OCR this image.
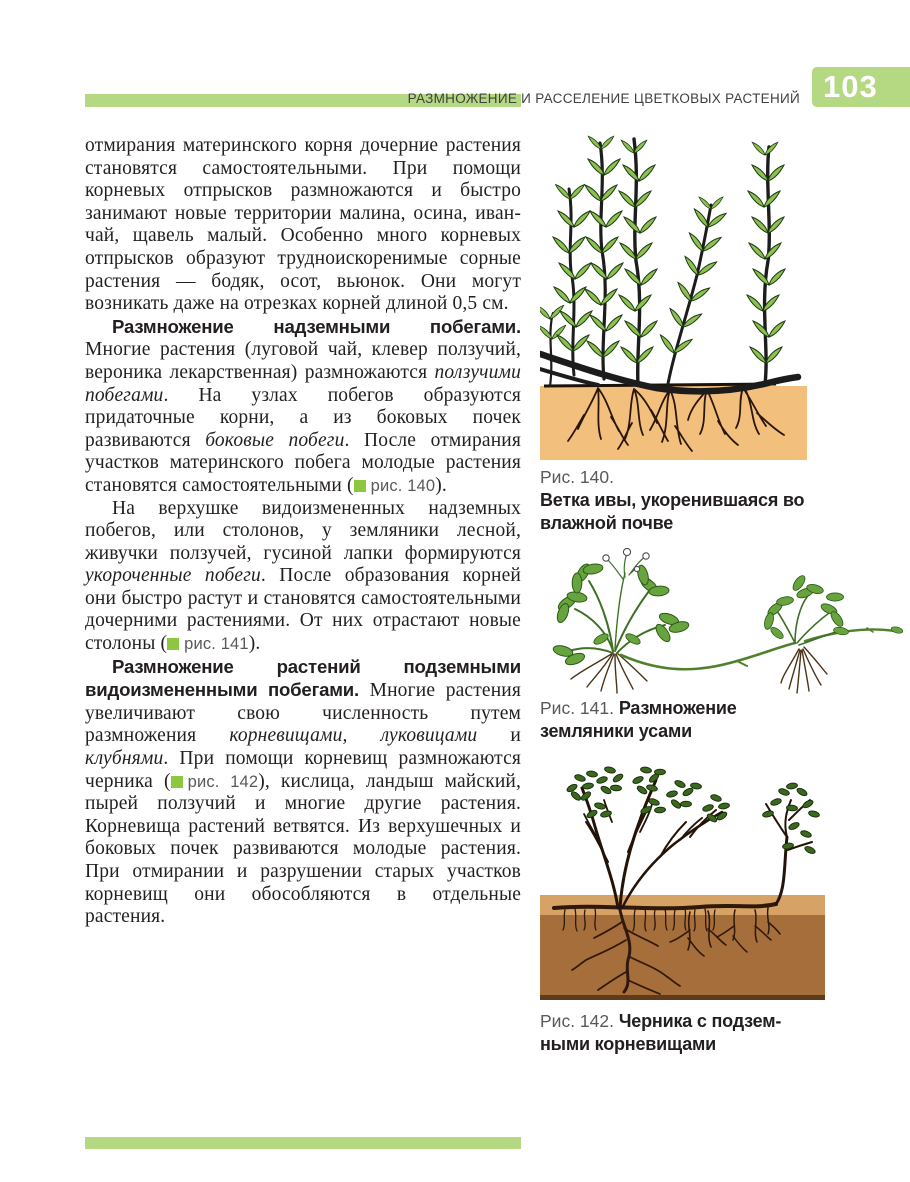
РАЗМНОЖЕНИЕ И РАССЕЛЕНИЕ ЦВЕТКОВЫХ РАСТЕНИЙ 103

отмирания материнского корня дочерние растения становятся самостоятельными. При помощи корневых отпрысков размножаются и быстро занимают новые территории малина, осина, иван-чай, щавель малый. Особенно много корневых отпрысков образуют трудноискоренимые сорные растения — бодяк, осот, вьюнок. Они могут возникать даже на отрезках корней длиной 0,5 см.

Размножение надземными побегами. Многие растения (луговой чай, клевер ползучий, вероника лекарственная) размножаются ползучими побегами. На узлах побегов образуются придаточные корни, а из боковых почек развиваются боковые побеги. После отмирания участков материнского побега молодые растения становятся самостоятельными ( рис. 140).

На верхушке видоизмененных надземных побегов, или столонов, у земляники лесной, живучки ползучей, гусиной лапки формируются укороченные побеги. После образования корней они быстро растут и становятся самостоятельными дочерними растениями. От них отрастают новые столоны ( рис. 141).

Размножение растений подземными видоизмененными побегами. Многие растения увеличивают свою численность путем размножения корневищами, луковицами и клубнями. При помощи корневищ размножаются черника ( рис. 142), кислица, ландыш майский, пырей ползучий и многие другие растения. Корневища растений ветвятся. Из верхушечных и боковых почек развиваются молодые растения. При отмирании и разрушении старых участков корневищ они обособляются в отдельные растения.

Рис. 140.
Ветка ивы, укоренившаяся во влажной почве
Рис. 141. Размножение земляники усами
Рис. 142. Черника с подземными корневищами
